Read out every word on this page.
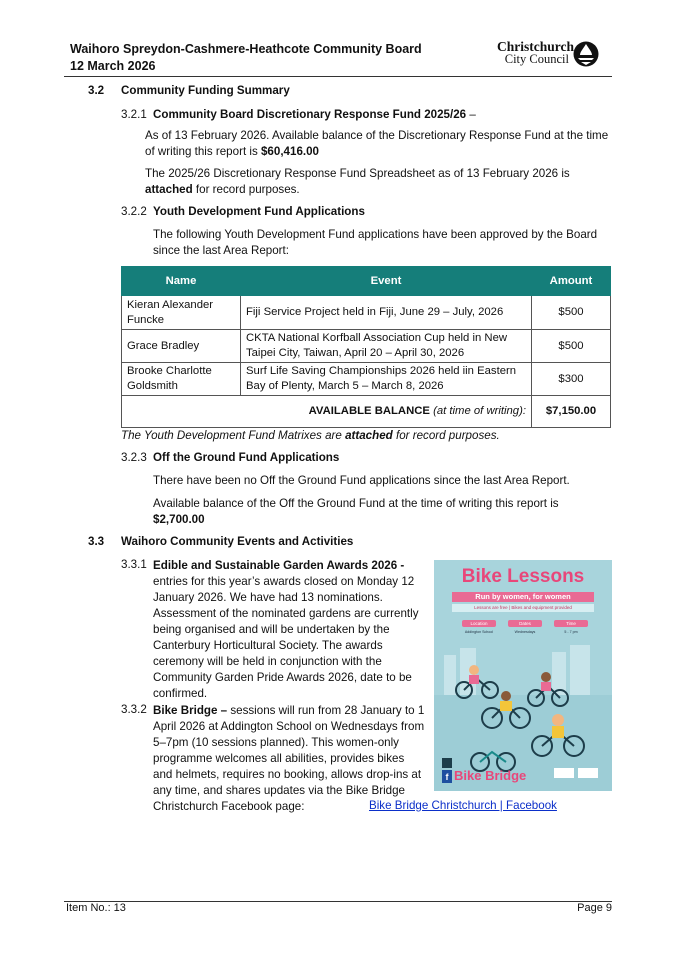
Waihoro Spreydon-Cashmere-Heathcote Community Board
12 March 2026
Christchurch
City Council
3.2 Community Funding Summary
3.2.1 Community Board Discretionary Response Fund 2025/26 –

As of 13 February 2026. Available balance of the Discretionary Response Fund at the time of writing this report is $60,416.00

The 2025/26 Discretionary Response Fund Spreadsheet as of 13 February 2026 is attached for record purposes.

3.2.2 Youth Development Fund Applications

The following Youth Development Fund applications have been approved by the Board since the last Area Report:

Name	Event	Amount
Kieran Alexander Funcke	Fiji Service Project held in Fiji, June 29 – July, 2026	$500
Grace Bradley	CKTA National Korfball Association Cup held in New Taipei City, Taiwan, April 20 – April 30, 2026	$500
Brooke Charlotte Goldsmith	Surf Life Saving Championships 2026 held iin Eastern Bay of Plenty, March 5 – March 8, 2026	$300
AVAILABLE BALANCE (at time of writing):		$7,150.00

The Youth Development Fund Matrixes are attached for record purposes.

3.2.3 Off the Ground Fund Applications

There have been no Off the Ground Fund applications since the last Area Report.

Available balance of the Off the Ground Fund at the time of writing this report is $2,700.00

3.3 Waihoro Community Events and Activities
3.3.1 Edible and Sustainable Garden Awards 2026 - entries for this year’s awards closed on Monday 12 January 2026. We have had 13 nominations. Assessment of the nominated gardens are currently being organised and will be undertaken by the Canterbury Horticultural Society. The awards ceremony will be held in conjunction with the Community Garden Pride Awards 2026, date to be confirmed.

3.3.2 Bike Bridge – sessions will run from 28 January to 1 April 2026 at Addington School on Wednesdays from 5–7pm (10 sessions planned). This women-only programme welcomes all abilities, provides bikes and helmets, requires no booking, allows drop-ins at any time, and shares updates via the Bike Bridge Christchurch Facebook page:	Bike Bridge Christchurch | Facebook
Bike Lessons
Run by women, for women
Lessons are free | Bikes and equipment provided
Location	Dates	Time
Addington School	Wednesdays	5 - 7 pm
f Bike Bridge
Item No.: 13	Page 9
